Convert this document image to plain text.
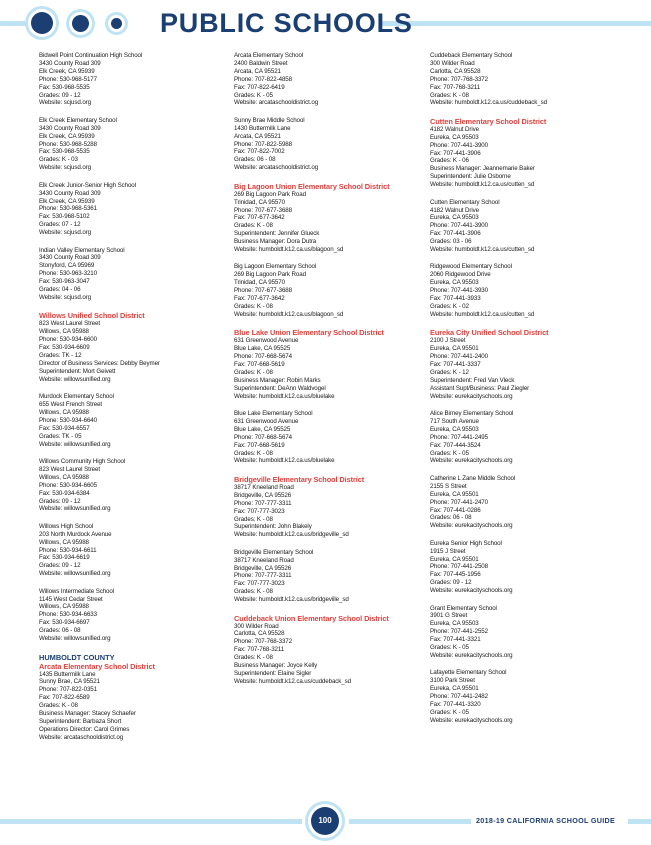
PUBLIC SCHOOLS
Bidwell Point Continuation High School
3430 County Road 309
Elk Creek, CA 95939
Phone: 530-968-5177
Fax: 530-968-5535
Grades: 09 - 12
Website: scjusd.org
Elk Creek Elementary School
3430 County Road 309
Elk Creek, CA 95939
Phone: 530-968-5288
Fax: 530-968-5535
Grades: K - 03
Website: scjusd.org
Elk Creek Junior-Senior High School
3430 County Road 309
Elk Creek, CA 95939
Phone: 530-968-5361
Fax: 530-968-5102
Grades: 07 - 12
Website: scjusd.org
Indian Valley Elementary School
3430 County Road 309
Stonyford, CA 95969
Phone: 530-963-3210
Fax: 530-963-3047
Grades: 04 - 06
Website: scjusd.org
Willows Unified School District
823 West Laurel Street
Willows, CA 95988
Phone: 530-934-6600
Fax: 530-934-6609
Grades: TK - 12
Director of Business Services: Debby Beymer
Superintendent: Mort Geivett
Website: willowsunified.org
Murdock Elementary School
655 West French Street
Willows, CA 95988
Phone: 530-934-6640
Fax: 530-934-6557
Grades: TK - 05
Website: willowsunified.org
Willows Community High School
823 West Laurel Street
Willows, CA 95988
Phone: 530-934-6605
Fax: 530-934-6384
Grades: 09 - 12
Website: willowsunified.org
Willows High School
203 North Murdock Avenue
Willows, CA 95988
Phone: 530-934-6611
Fax: 530-934-6619
Grades: 09 - 12
Website: willowsunified.org
Willows Intermediate School
1145 West Cedar Street
Willows, CA 95988
Phone: 530-934-6633
Fax: 530-934-6697
Grades: 06 - 08
Website: willowsunified.org
HUMBOLDT COUNTY
Arcata Elementary School District
1435 Buttermilk Lane
Sunny Brae, CA 95521
Phone: 707-822-0351
Fax: 707-822-6589
Grades: K - 08
Business Manager: Stacey Schaefer
Superintendent: Barbaza Short
Operations Director: Carol Grimes
Website: arcataschooldistrict.og
Arcata Elementary School
2400 Baldwin Street
Arcata, CA 95521
Phone: 707-822-4858
Fax: 707-822-6419
Grades: K - 05
Website: arcataschooldistrict.og
Sunny Brae Middle School
1430 Buttermilk Lane
Arcata, CA 95521
Phone: 707-822-5988
Fax: 707-822-7002
Grades: 06 - 08
Website: arcataschooldistrict.og
Big Lagoon Union Elementary School District
269 Big Lagoon Park Road
Trinidad, CA 95570
Phone: 707-677-3688
Fax: 707-677-3642
Grades: K - 08
Superintendent: Jennifer Glueck
Business Manager: Dora Dutra
Website: humboldt.k12.ca.us/blagoon_sd
Big Lagoon Elementary School
269 Big Lagoon Park Road
Trinidad, CA 95570
Phone: 707-677-3688
Fax: 707-677-3642
Grades: K - 08
Website: humboldt.k12.ca.us/blagoon_sd
Blue Lake Union Elementary School District
631 Greenwood Avenue
Blue Lake, CA 95525
Phone: 707-668-5674
Fax: 707-668-5619
Grades: K - 08
Business Manager: Robin Marks
Superintendent: DeAnn Waldvogel
Website: humboldt.k12.ca.us/bluelake
Blue Lake Elementary School
631 Greenwood Avenue
Blue Lake, CA 95525
Phone: 707-668-5674
Fax: 707-668-5619
Grades: K - 08
Website: humboldt.k12.ca.us/bluelake
Bridgeville Elementary School District
38717 Kneeland Road
Bridgeville, CA 95526
Phone: 707-777-3311
Fax: 707-777-3023
Grades: K - 08
Superintendent: John Blakely
Website: humboldt.k12.ca.us/bridgeville_sd
Bridgeville Elementary School
38717 Kneeland Road
Bridgeville, CA 95526
Phone: 707-777-3311
Fax: 707-777-3023
Grades: K - 08
Website: humboldt.k12.ca.us/bridgeville_sd
Cuddeback Union Elementary School District
300 Wilder Road
Carlotta, CA 95528
Phone: 707-768-3372
Fax: 707-768-3211
Grades: K - 08
Business Manager: Joyce Kelly
Superintendent: Elaine Sigler
Website: humboldt.k12.ca.us/cuddeback_sd
Cuddeback Elementary School
300 Wilder Road
Carlotta, CA 95528
Phone: 707-768-3372
Fax: 707-768-3211
Grades: K - 08
Website: humboldt.k12.ca.us/cuddeback_sd
Cutten Elementary School District
4182 Walnut Drive
Eureka, CA 95503
Phone: 707-441-3900
Fax: 707-441-3906
Grades: K - 06
Business Manager: Jeannemarie Baker
Superintendent: Julie Osborne
Website: humboldt.k12.ca.us/cutten_sd
Cutten Elementary School
4182 Walnut Drive
Eureka, CA 95503
Phone: 707-441-3900
Fax: 707-441-3906
Grades: 03 - 06
Website: humboldt.k12.ca.us/cutten_sd
Ridgewood Elementary School
2060 Ridgewood Drive
Eureka, CA 95503
Phone: 707-441-3930
Fax: 707-441-3933
Grades: K - 02
Website: humboldt.k12.ca.us/cutten_sd
Eureka City Unified School District
2100 J Street
Eureka, CA 95501
Phone: 707-441-2400
Fax: 707-441-3337
Grades: K - 12
Superintendent: Fred Van Vleck
Assistant Supt/Business: Paul Ziegler
Website: eurekacityschools.org
Alice Birney Elementary School
717 South Avenue
Eureka, CA 95503
Phone: 707-441-2495
Fax: 707-444-3524
Grades: K - 05
Website: eurekacityschools.org
Catherine L Zane Middle School
2155 S Street
Eureka, CA 95501
Phone: 707-441-2470
Fax: 707-441-0286
Grades: 06 - 08
Website: eurekacityschools.org
Eureka Senior High School
1915 J Street
Eureka, CA 95501
Phone: 707-441-2508
Fax: 707-445-1956
Grades: 09 - 12
Website: eurekacityschools.org
Grant Elementary School
3901 G Street
Eureka, CA 95503
Phone: 707-441-2552
Fax: 707-441-3321
Grades: K - 05
Website: eurekacityschools.org
Lafayette Elementary School
3100 Park Street
Eureka, CA 95501
Phone: 707-441-2482
Fax: 707-441-3320
Grades: K - 05
Website: eurekacityschools.org
100	2018-19 CALIFORNIA SCHOOL GUIDE
